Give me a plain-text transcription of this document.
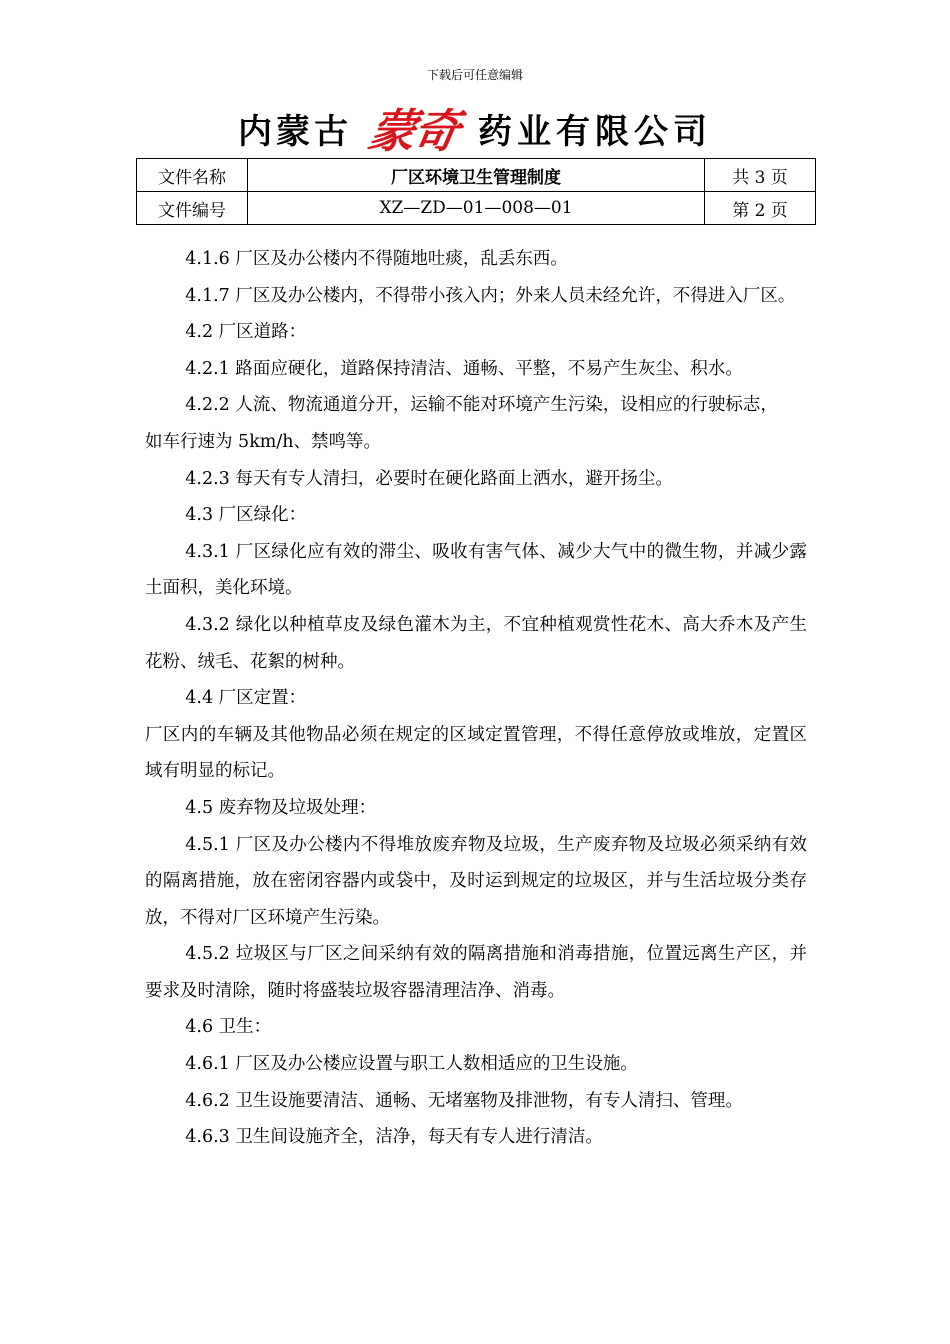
下载后可任意编辑
内蒙古 蒙奇 药业有限公司
文件名称	厂区环境卫生管理制度	共 3 页
文件编号	XZ—ZD—01—008—01	第 2 页

4.1.6 厂区及办公楼内不得随地吐痰，乱丢东西。

4.1.7 厂区及办公楼内，不得带小孩入内；外来人员未经允许，不得进入厂区。

4.2 厂区道路：

4.2.1 路面应硬化，道路保持清洁、通畅、平整，不易产生灰尘、积水。

4.2.2 人流、物流通道分开，运输不能对环境产生污染，设相应的行驶标志，

如车行速为 5km/h、禁鸣等。

4.2.3 每天有专人清扫，必要时在硬化路面上洒水，避开扬尘。

4.3 厂区绿化：

4.3.1 厂区绿化应有效的滞尘、吸收有害气体、减少大气中的微生物，并减少露土面积，美化环境。

4.3.2 绿化以种植草皮及绿色灌木为主，不宜种植观赏性花木、高大乔木及产生花粉、绒毛、花絮的树种。

4.4 厂区定置：

厂区内的车辆及其他物品必须在规定的区域定置管理，不得任意停放或堆放，定置区域有明显的标记。

4.5 废弃物及垃圾处理：

4.5.1 厂区及办公楼内不得堆放废弃物及垃圾，生产废弃物及垃圾必须采纳有效的隔离措施，放在密闭容器内或袋中，及时运到规定的垃圾区，并与生活垃圾分类存放，不得对厂区环境产生污染。

4.5.2 垃圾区与厂区之间采纳有效的隔离措施和消毒措施，位置远离生产区，并要求及时清除，随时将盛装垃圾容器清理洁净、消毒。

4.6 卫生：

4.6.1 厂区及办公楼应设置与职工人数相适应的卫生设施。

4.6.2 卫生设施要清洁、通畅、无堵塞物及排泄物，有专人清扫、管理。

4.6.3 卫生间设施齐全，洁净，每天有专人进行清洁。
